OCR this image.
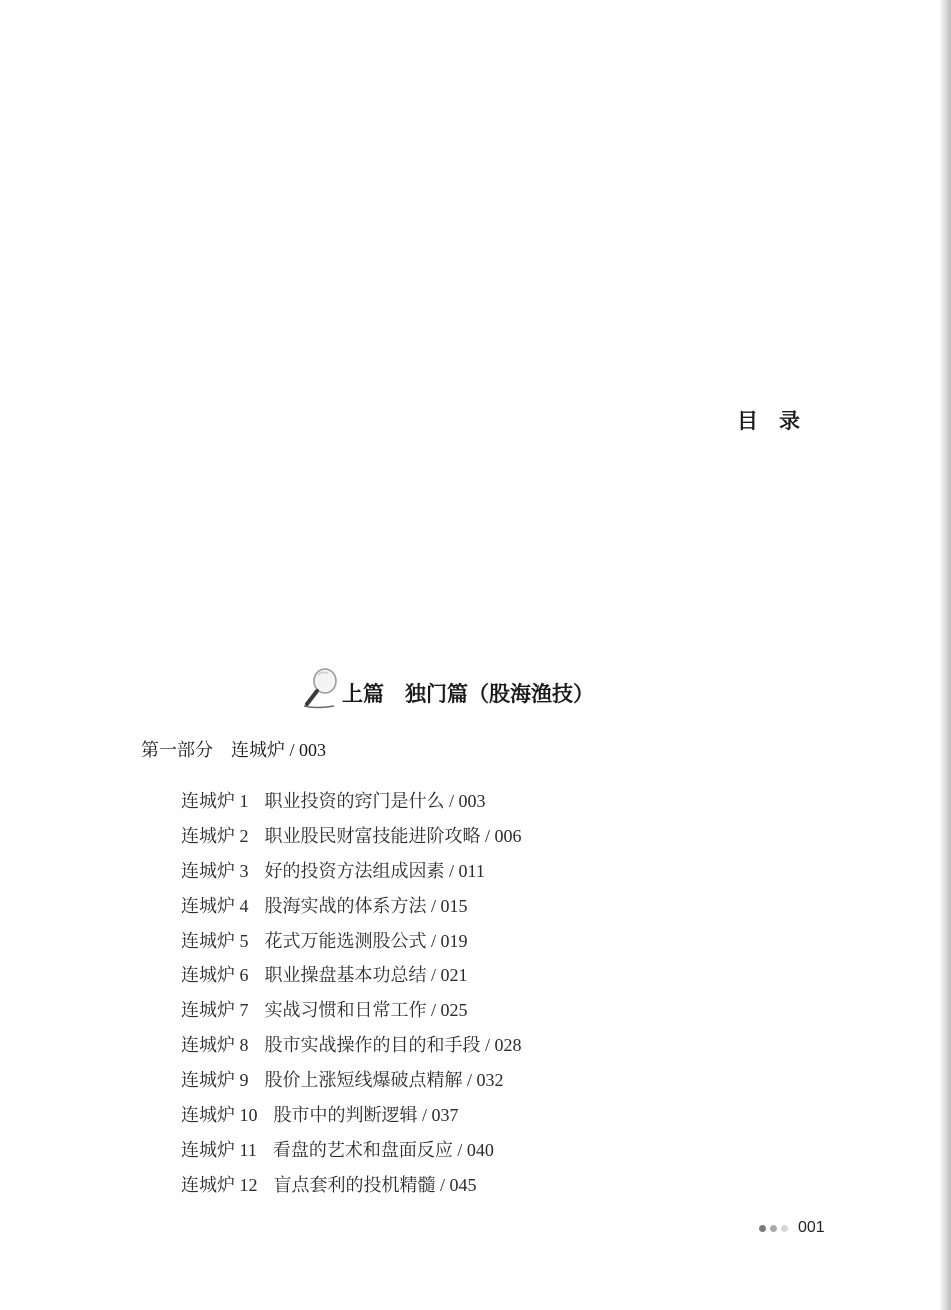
目　录
上篇　独门篇（股海渔技）
第一部分　连城炉 / 003
连城炉 1 职业投资的窍门是什么 / 003
连城炉 2 职业股民财富技能进阶攻略 / 006
连城炉 3 好的投资方法组成因素 / 011
连城炉 4 股海实战的体系方法 / 015
连城炉 5 花式万能选测股公式 / 019
连城炉 6 职业操盘基本功总结 / 021
连城炉 7 实战习惯和日常工作 / 025
连城炉 8 股市实战操作的目的和手段 / 028
连城炉 9 股价上涨短线爆破点精解 / 032
连城炉 10 股市中的判断逻辑 / 037
连城炉 11 看盘的艺术和盘面反应 / 040
连城炉 12 盲点套利的投机精髓 / 045
001
